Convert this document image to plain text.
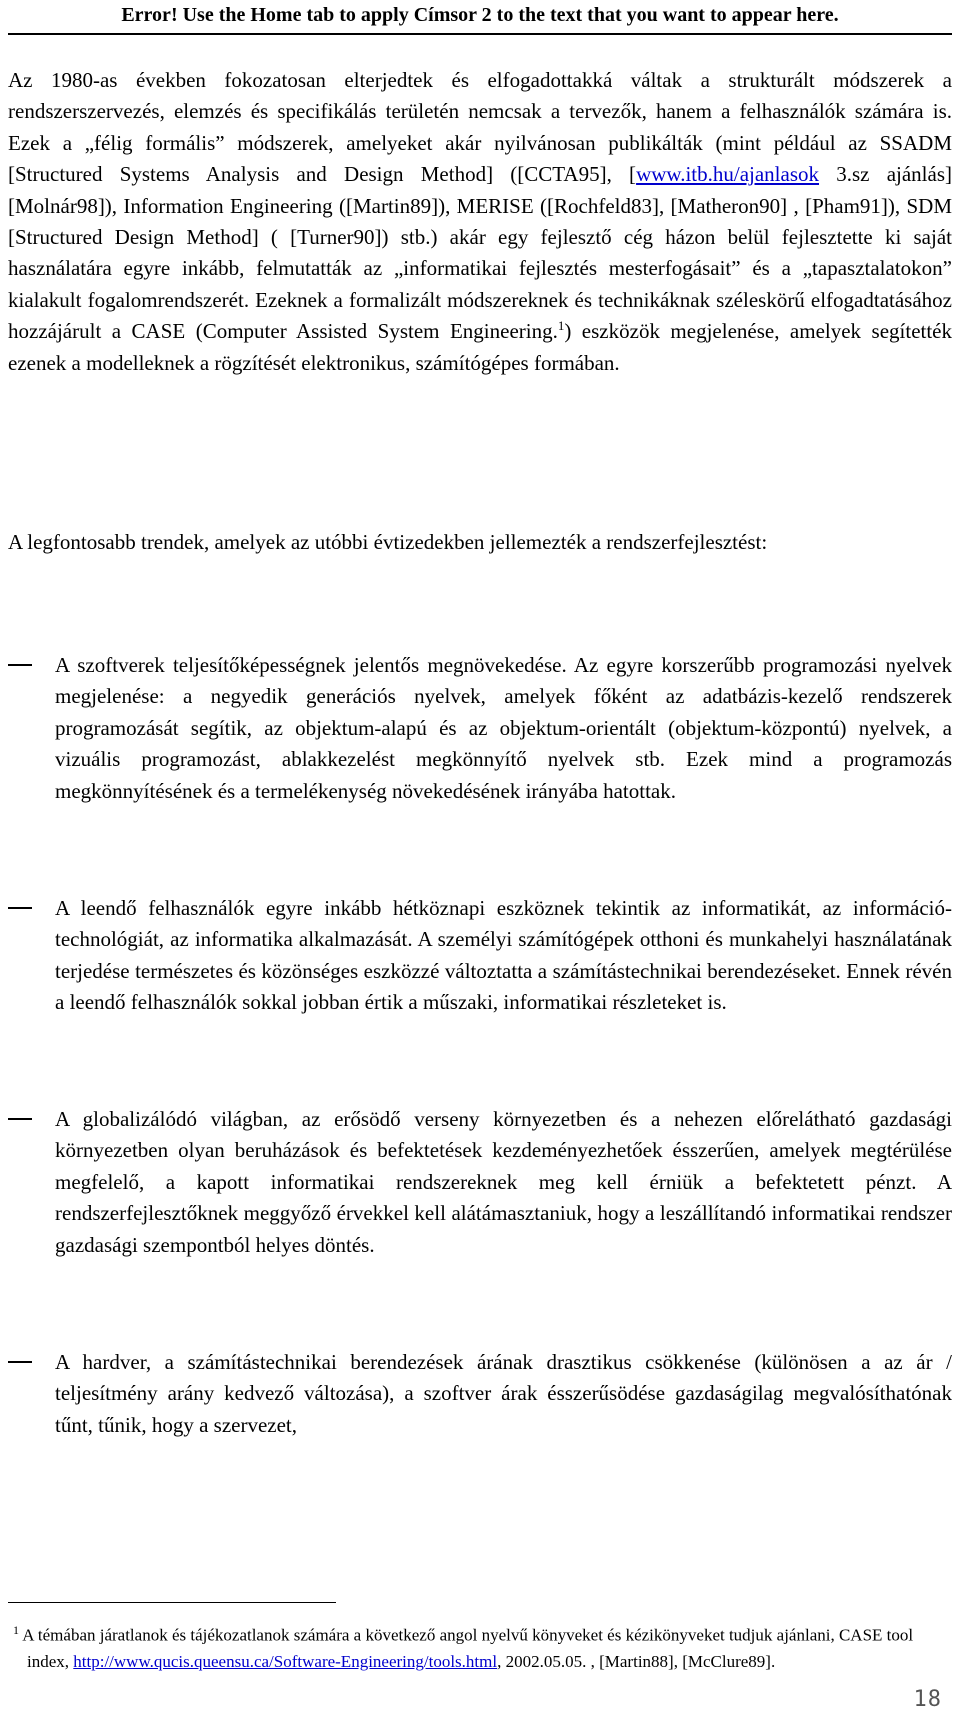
Error! Use the Home tab to apply Címsor 2 to the text that you want to appear here.
Az 1980-as években fokozatosan elterjedtek és elfogadottakká váltak a strukturált módszerek a rendszerszervezés, elemzés és specifikálás területén nemcsak a tervezők, hanem a felhasználók számára is. Ezek a „félig formális” módszerek, amelyeket akár nyilvánosan publikálták (mint például az SSADM [Structured Systems Analysis and Design Method] ([CCTA95], [www.itb.hu/ajanlasok 3.sz ajánlás] [Molnár98]), Information Engineering ([Martin89]), MERISE ([Rochfeld83], [Matheron90] , [Pham91]), SDM [Structured Design Method] ( [Turner90]) stb.) akár egy fejlesztő cég házon belül fejlesztette ki saját használatára egyre inkább, felmutatták az „informatikai fejlesztés mesterfogásait” és a „tapasztalatokon” kialakult fogalomrendszerét. Ezeknek a formalizált módszereknek és technikáknak széleskörű elfogadtatásához hozzájárult a CASE (Computer Assisted System Engineering.$^1$) eszközök megjelenése, amelyek segítették ezenek a modelleknek a rögzítését elektronikus, számítógépes formában.
A legfontosabb trendek, amelyek az utóbbi évtizedekben jellemezték a rendszerfejlesztést:
A szoftverek teljesítőképességnek jelentős megnövekedése. Az egyre korszerűbb programozási nyelvek megjelenése: a negyedik generációs nyelvek, amelyek főként az adatbázis-kezelő rendszerek programozását segítik, az objektum-alapú és az objektum-orientált (objektum-központú) nyelvek, a vizuális programozást, ablakkezelést megkönnyítő nyelvek stb. Ezek mind a programozás megkönnyítésének és a termelékenység növekedésének irányába hatottak.
A leendő felhasználók egyre inkább hétköznapi eszköznek tekintik az informatikát, az információ-technológiát, az informatika alkalmazását. A személyi számítógépek otthoni és munkahelyi használatának terjedése természetes és közönséges eszközzé változtatta a számítástechnikai berendezéseket. Ennek révén a leendő felhasználók sokkal jobban értik a műszaki, informatikai részleteket is.
A globalizálódó világban, az erősödő verseny környezetben és a nehezen előrelátható gazdasági környezetben olyan beruházások és befektetések kezdeményezhetőek ésszerűen, amelyek megtérülése megfelelő, a kapott informatikai rendszereknek meg kell érniük a befektetett pénzt. A rendszerfejlesztőknek meggyőző érvekkel kell alátámasztaniuk, hogy a leszállítandó informatikai rendszer gazdasági szempontból helyes döntés.
A hardver, a számítástechnikai berendezések árának drasztikus csökkenése (különösen a az ár / teljesítmény arány kedvező változása), a szoftver árak ésszerűsödése gazdaságilag megvalósíthatónak tűnt, tűnik, hogy a szervezet,
$^1$ A témában járatlanok és tájékozatlanok számára a következő angol nyelvű könyveket és kézikönyveket tudjuk ajánlani, CASE tool index, http://www.qucis.queensu.ca/Software-Engineering/tools.html, 2002.05.05. , [Martin88], [McClure89].
18
